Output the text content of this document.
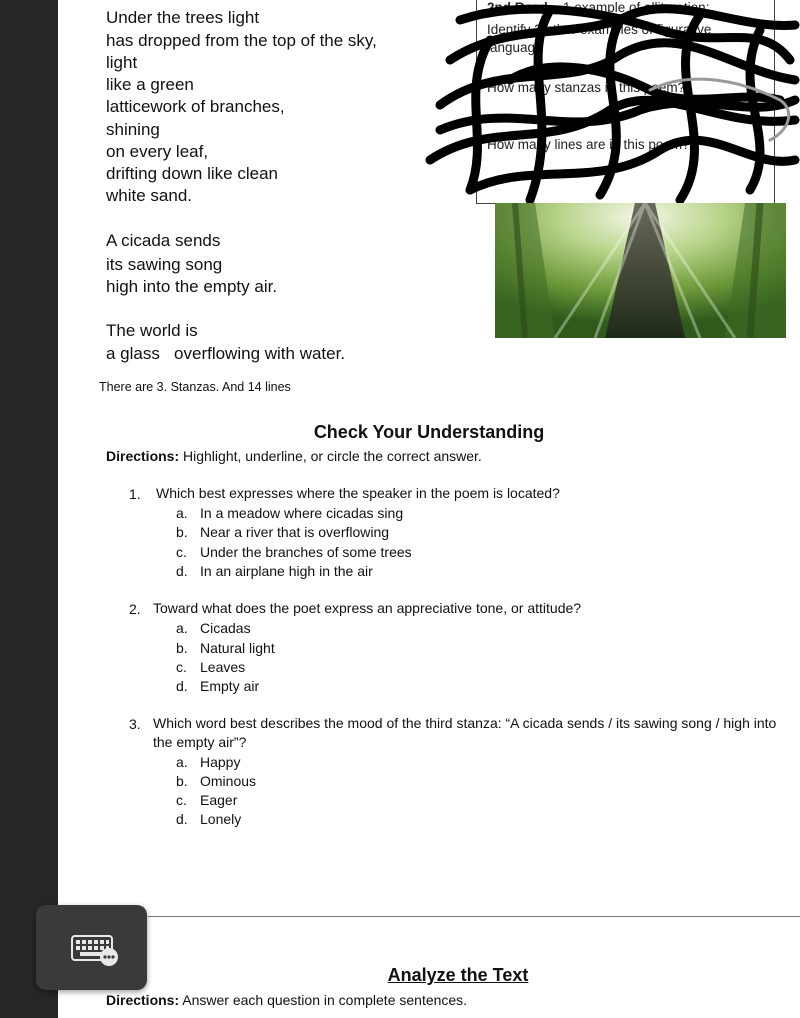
Under the trees light
has dropped from the top of the sky,
light
like a green
latticework of branches,
shining
on every leaf,
drifting down like clean
white sand.
A cicada sends
its sawing song
high into the empty air.
The world is
a glass   overflowing with water.
2nd Read: 1 example of alliteration;
Identify 2 other examples of figurative
language
How many stanzas in this poem?
How many lines are in this poem?
There are 3. Stanzas. And 14 lines
Check Your Understanding
Directions: Highlight, underline, or circle the correct answer.
1. Which best expresses where the speaker in the poem is located?
a. In a meadow where cicadas sing
b. Near a river that is overflowing
c. Under the branches of some trees
d. In an airplane high in the air
2. Toward what does the poet express an appreciative tone, or attitude?
a. Cicadas
b. Natural light
c. Leaves
d. Empty air
3. Which word best describes the mood of the third stanza: “A cicada sends / its sawing song / high into
the empty air”?
a. Happy
b. Ominous
c. Eager
d. Lonely
Analyze the Text
Directions: Answer each question in complete sentences.
